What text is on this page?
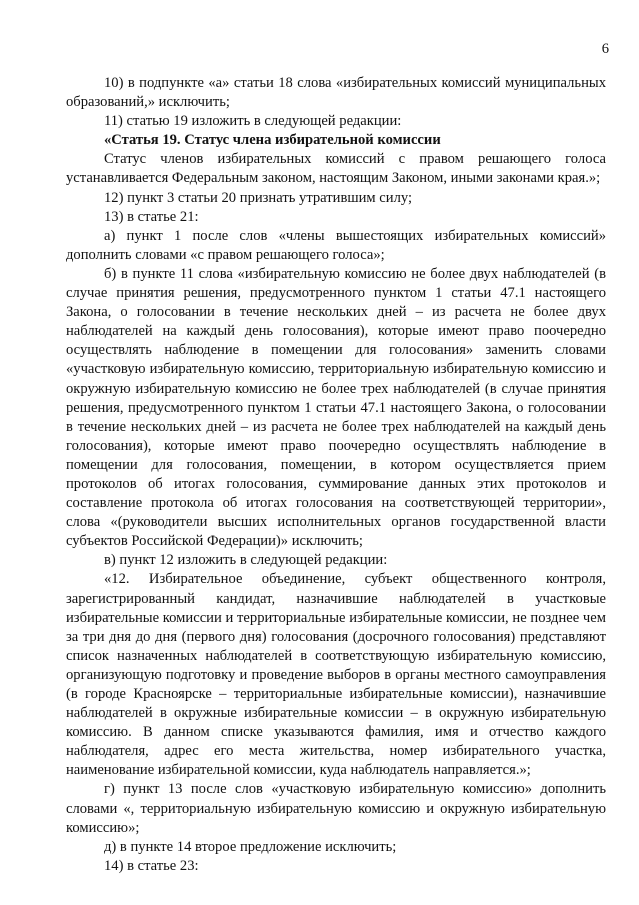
6

10) в подпункте «а» статьи 18 слова «избирательных комиссий муниципальных образований,» исключить;

11) статью 19 изложить в следующей редакции:

«Статья 19. Статус члена избирательной комиссии

Статус членов избирательных комиссий с правом решающего голоса устанавливается Федеральным законом, настоящим Законом, иными законами края.»;

12) пункт 3 статьи 20 признать утратившим силу;

13) в статье 21:

а) пункт 1 после слов «члены вышестоящих избирательных комиссий» дополнить словами «с правом решающего голоса»;

б) в пункте 11 слова «избирательную комиссию не более двух наблюдателей (в случае принятия решения, предусмотренного пунктом 1 статьи 47.1 настоящего Закона, о голосовании в течение нескольких дней – из расчета не более двух наблюдателей на каждый день голосования), которые имеют право поочередно осуществлять наблюдение в помещении для голосования» заменить словами «участковую избирательную комиссию, территориальную избирательную комиссию и окружную избирательную комиссию не более трех наблюдателей (в случае принятия решения, предусмотренного пунктом 1 статьи 47.1 настоящего Закона, о голосовании в течение нескольких дней – из расчета не более трех наблюдателей на каждый день голосования), которые имеют право поочередно осуществлять наблюдение в помещении для голосования, помещении, в котором осуществляется прием протоколов об итогах голосования, суммирование данных этих протоколов и составление протокола об итогах голосования на соответствующей территории», слова «(руководители высших исполнительных органов государственной власти субъектов Российской Федерации)» исключить;

в) пункт 12 изложить в следующей редакции:

«12. Избирательное объединение, субъект общественного контроля, зарегистрированный кандидат, назначившие наблюдателей в участковые избирательные комиссии и территориальные избирательные комиссии, не позднее чем за три дня до дня (первого дня) голосования (досрочного голосования) представляют список назначенных наблюдателей в соответствующую избирательную комиссию, организующую подготовку и проведение выборов в органы местного самоуправления (в городе Красноярске – территориальные избирательные комиссии), назначившие наблюдателей в окружные избирательные комиссии – в окружную избирательную комиссию. В данном списке указываются фамилия, имя и отчество каждого наблюдателя, адрес его места жительства, номер избирательного участка, наименование избирательной комиссии, куда наблюдатель направляется.»;

г) пункт 13 после слов «участковую избирательную комиссию» дополнить словами «, территориальную избирательную комиссию и окружную избирательную комиссию»;

д) в пункте 14 второе предложение исключить;

14) в статье 23:
